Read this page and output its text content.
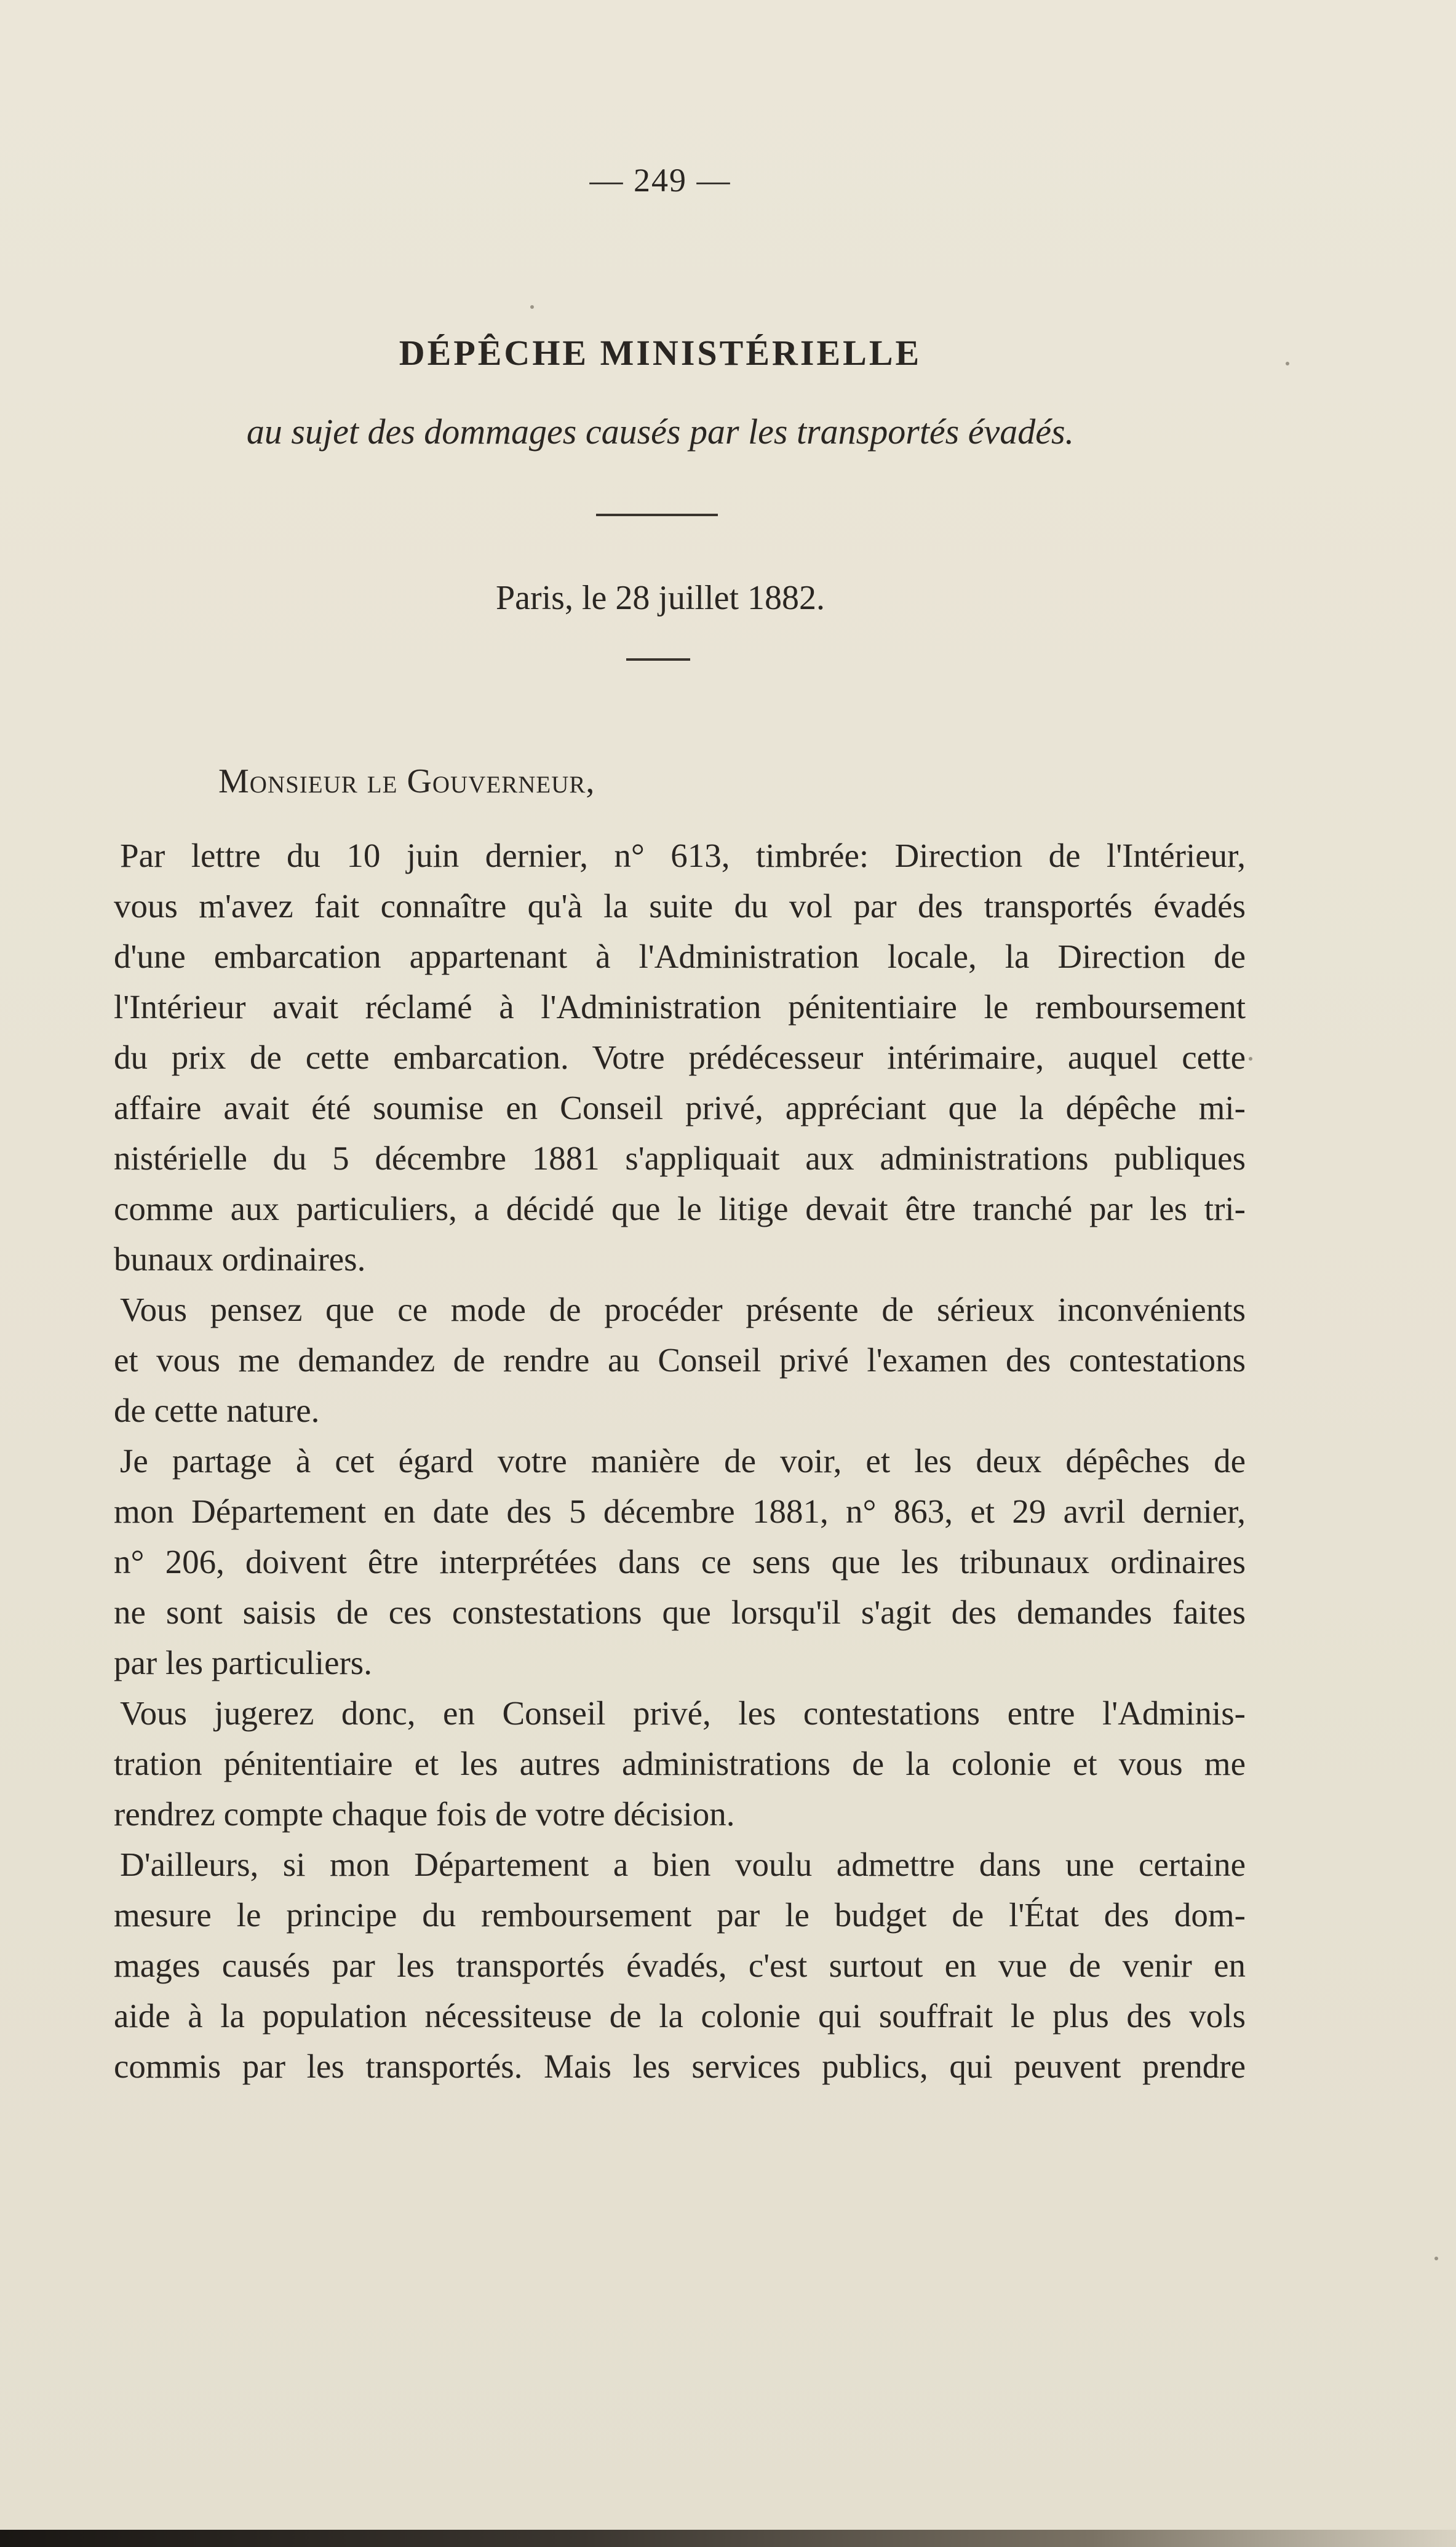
— 249 —
DÉPÊCHE MINISTÉRIELLE
au sujet des dommages causés par les transportés évadés.
Paris, le 28 juillet 1882.
Monsieur le Gouverneur,
Par lettre du 10 juin dernier, n° 613, timbrée: Direction de l'Intérieur,
vous m'avez fait connaître qu'à la suite du vol par des transportés évadés
d'une embarcation appartenant à l'Administration locale, la Direction de
l'Intérieur avait réclamé à l'Administration pénitentiaire le remboursement
du prix de cette embarcation. Votre prédécesseur intérimaire, auquel cette
affaire avait été soumise en Conseil privé, appréciant que la dépêche mi-
nistérielle du 5 décembre 1881 s'appliquait aux administrations publiques
comme aux particuliers, a décidé que le litige devait être tranché par les tri-
bunaux ordinaires.
Vous pensez que ce mode de procéder présente de sérieux inconvénients
et vous me demandez de rendre au Conseil privé l'examen des contestations
de cette nature.
Je partage à cet égard votre manière de voir, et les deux dépêches de
mon Département en date des 5 décembre 1881, n° 863, et 29 avril dernier,
n° 206, doivent être interprétées dans ce sens que les tribunaux ordinaires
ne sont saisis de ces constestations que lorsqu'il s'agit des demandes faites
par les particuliers.
Vous jugerez donc, en Conseil privé, les contestations entre l'Adminis-
tration pénitentiaire et les autres administrations de la colonie et vous me
rendrez compte chaque fois de votre décision.
D'ailleurs, si mon Département a bien voulu admettre dans une certaine
mesure le principe du remboursement par le budget de l'État des dom-
mages causés par les transportés évadés, c'est surtout en vue de venir en
aide à la population nécessiteuse de la colonie qui souffrait le plus des vols
commis par les transportés. Mais les services publics, qui peuvent prendre
